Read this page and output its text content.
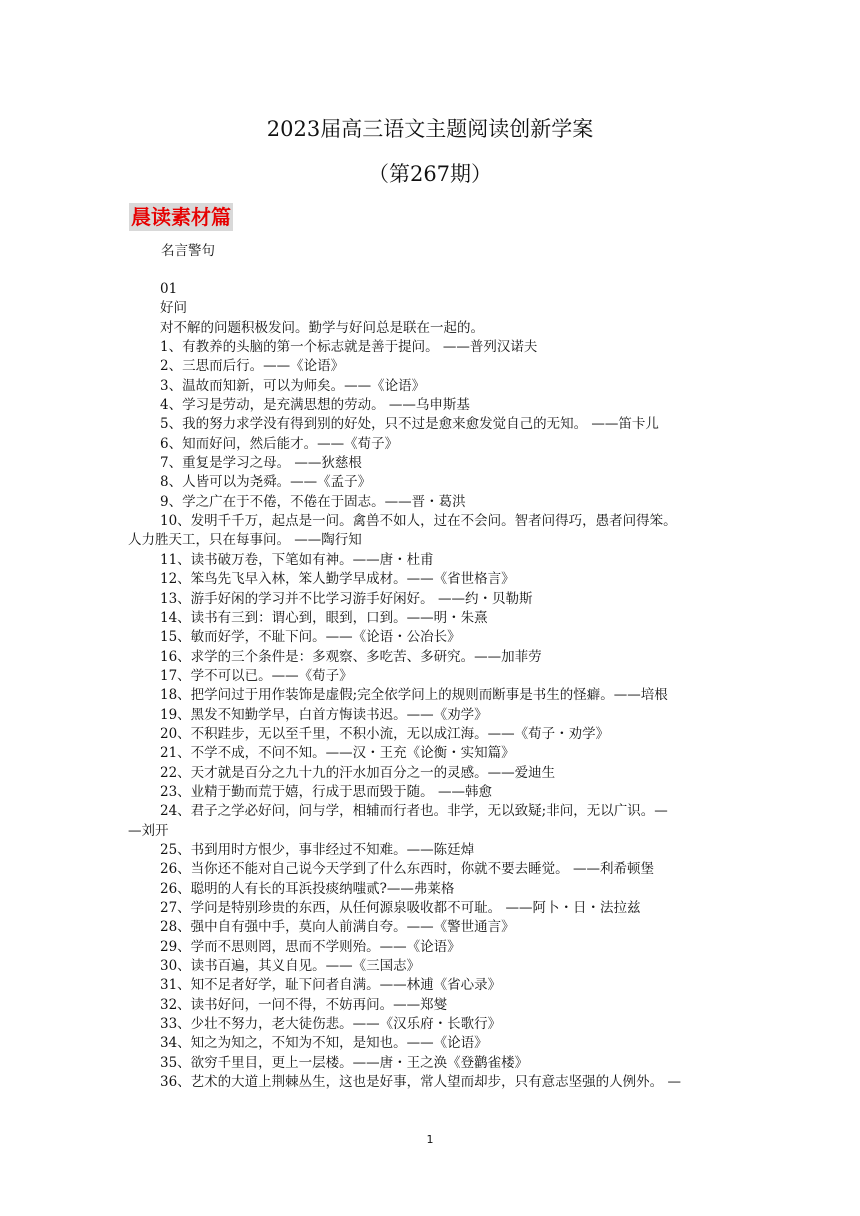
2023届高三语文主题阅读创新学案
（第267期）
晨读素材篇
名言警句
01
好问
对不解的问题积极发问。勤学与好问总是联在一起的。
1、有教养的头脑的第一个标志就是善于提问。 ——普列汉诺夫
2、三思而后行。——《论语》
3、温故而知新，可以为师矣。——《论语》
4、学习是劳动，是充满思想的劳动。 ——乌申斯基
5、我的努力求学没有得到别的好处，只不过是愈来愈发觉自己的无知。 ——笛卡儿
6、知而好问，然后能才。——《荀子》
7、重复是学习之母。 ——狄慈根
8、人皆可以为尧舜。——《孟子》
9、学之广在于不倦，不倦在于固志。——晋・葛洪
10、发明千千万，起点是一问。禽兽不如人，过在不会问。智者问得巧，愚者问得笨。
人力胜天工，只在每事问。 ——陶行知
11、读书破万卷，下笔如有神。——唐・杜甫
12、笨鸟先飞早入林，笨人勤学早成材。——《省世格言》
13、游手好闲的学习并不比学习游手好闲好。 ——约・贝勒斯
14、读书有三到：谓心到，眼到，口到。——明・朱熹
15、敏而好学，不耻下问。——《论语・公冶长》
16、求学的三个条件是：多观察、多吃苦、多研究。——加菲劳
17、学不可以已。——《荀子》
18、把学问过于用作装饰是虚假;完全依学问上的规则而断事是书生的怪癖。——培根
19、黑发不知勤学早，白首方悔读书迟。——《劝学》
20、不积跬步，无以至千里，不积小流，无以成江海。——《荀子・劝学》
21、不学不成，不问不知。——汉・王充《论衡・实知篇》
22、天才就是百分之九十九的汗水加百分之一的灵感。——爱迪生
23、业精于勤而荒于嬉，行成于思而毁于随。 ——韩愈
24、君子之学必好问，问与学，相辅而行者也。非学，无以致疑;非问，无以广识。—
—刘开
25、书到用时方恨少，事非经过不知难。——陈廷焯
26、当你还不能对自己说今天学到了什么东西时，你就不要去睡觉。 ——利希顿堡
26、聪明的人有长的耳浜投痰纳嗤贰?——弗莱格
27、学问是特别珍贵的东西，从任何源泉吸收都不可耻。 ——阿卜・日・法拉兹
28、强中自有强中手，莫向人前满自夸。——《警世通言》
29、学而不思则罔，思而不学则殆。——《论语》
30、读书百遍，其义自见。——《三国志》
31、知不足者好学，耻下问者自满。——林逋《省心录》
32、读书好问，一问不得，不妨再问。——郑燮
33、少壮不努力，老大徒伤悲。——《汉乐府・长歌行》
34、知之为知之，不知为不知，是知也。——《论语》
35、欲穷千里目，更上一层楼。——唐・王之涣《登鹳雀楼》
36、艺术的大道上荆棘丛生，这也是好事，常人望而却步，只有意志坚强的人例外。 —
1
